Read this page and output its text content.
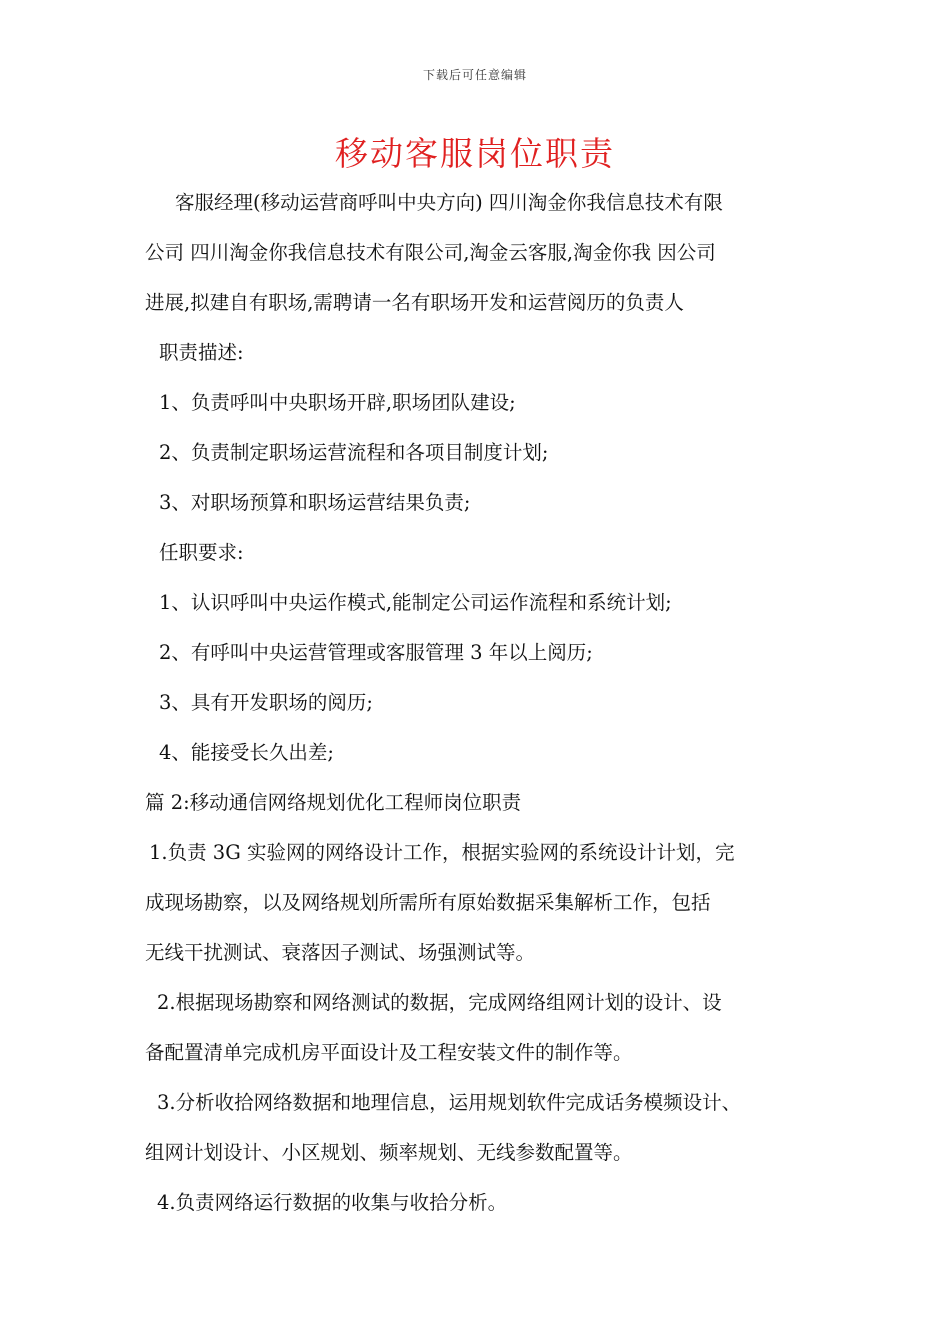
下载后可任意编辑
移动客服岗位职责

客服经理(移动运营商呼叫中央方向) 四川淘金你我信息技术有限

公司 四川淘金你我信息技术有限公司,淘金云客服,淘金你我 因公司

进展,拟建自有职场,需聘请一名有职场开发和运营阅历的负责人

职责描述:

1、负责呼叫中央职场开辟,职场团队建设;

2、负责制定职场运营流程和各项目制度计划;

3、对职场预算和职场运营结果负责;

任职要求:

1、认识呼叫中央运作模式,能制定公司运作流程和系统计划;

2、有呼叫中央运营管理或客服管理 3 年以上阅历;

3、具有开发职场的阅历;

4、能接受长久出差;

篇 2:移动通信网络规划优化工程师岗位职责

1.负责 3G 实验网的网络设计工作，根据实验网的系统设计计划，完

成现场勘察，以及网络规划所需所有原始数据采集解析工作，包括

无线干扰测试、衰落因子测试、场强测试等。

2.根据现场勘察和网络测试的数据，完成网络组网计划的设计、设

备配置清单完成机房平面设计及工程安装文件的制作等。

3.分析收拾网络数据和地理信息，运用规划软件完成话务模频设计、

组网计划设计、小区规划、频率规划、无线参数配置等。

4.负责网络运行数据的收集与收拾分析。
